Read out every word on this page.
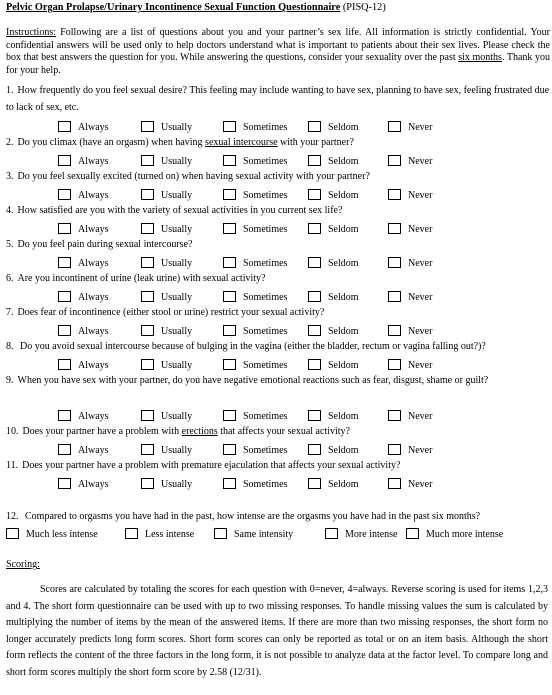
Pelvic Organ Prolapse/Urinary Incontinence Sexual Function Questionnaire (PISQ-12)
Instructions: Following are a list of questions about you and your partner’s sex life. All information is strictly confidential. Your confidential answers will be used only to help doctors understand what is important to patients about their sex lives. Please check the box that best answers the question for you. While answering the questions, consider your sexuality over the past six months. Thank you for your help.
1. How frequently do you feel sexual desire? This feeling may include wanting to have sex, planning to have sex, feeling frustrated due to lack of sex, etc.
Always	Usually	Sometimes	Seldom	Never
2. Do you climax (have an orgasm) when having sexual intercourse with your partner?
Always	Usually	Sometimes	Seldom	Never
3. Do you feel sexually excited (turned on) when having sexual activity with your partner?
Always	Usually	Sometimes	Seldom	Never
4. How satisfied are you with the variety of sexual activities in you current sex life?
Always	Usually	Sometimes	Seldom	Never
5. Do you feel pain during sexual intercourse?
Always	Usually	Sometimes	Seldom	Never
6. Are you incontinent of urine (leak urine) with sexual activity?
Always	Usually	Sometimes	Seldom	Never
7. Does fear of incontinence (either stool or urine) restrict your sexual activity?
Always	Usually	Sometimes	Seldom	Never
8. Do you avoid sexual intercourse because of bulging in the vagina (either the bladder, rectum or vagina falling out?)?
Always	Usually	Sometimes	Seldom	Never
9. When you have sex with your partner, do you have negative emotional reactions such as fear, disgust, shame or guilt?
Always	Usually	Sometimes	Seldom	Never
10. Does your partner have a problem with erections that affects your sexual activity?
Always	Usually	Sometimes	Seldom	Never
11. Does your partner have a problem with premature ejaculation that affects your sexual activity?
Always	Usually	Sometimes	Seldom	Never
12. Compared to orgasms you have had in the past, how intense are the orgasms you have had in the past six months?
Much less intense	Less intense	Same intensity	More intense	Much more intense
Scoring:
Scores are calculated by totaling the scores for each question with 0=never, 4=always. Reverse scoring is used for items 1,2,3 and 4. The short form questionnaire can be used with up to two missing responses. To handle missing values the sum is calculated by multiplying the number of items by the mean of the answered items. If there are more than two missing responses, the short form no longer accurately predicts long form scores. Short form scores can only be reported as total or on an item basis. Although the short form reflects the content of the three factors in the long form, it is not possible to analyze data at the factor level. To compare long and short form scores multiply the short form score by 2.58 (12/31).
